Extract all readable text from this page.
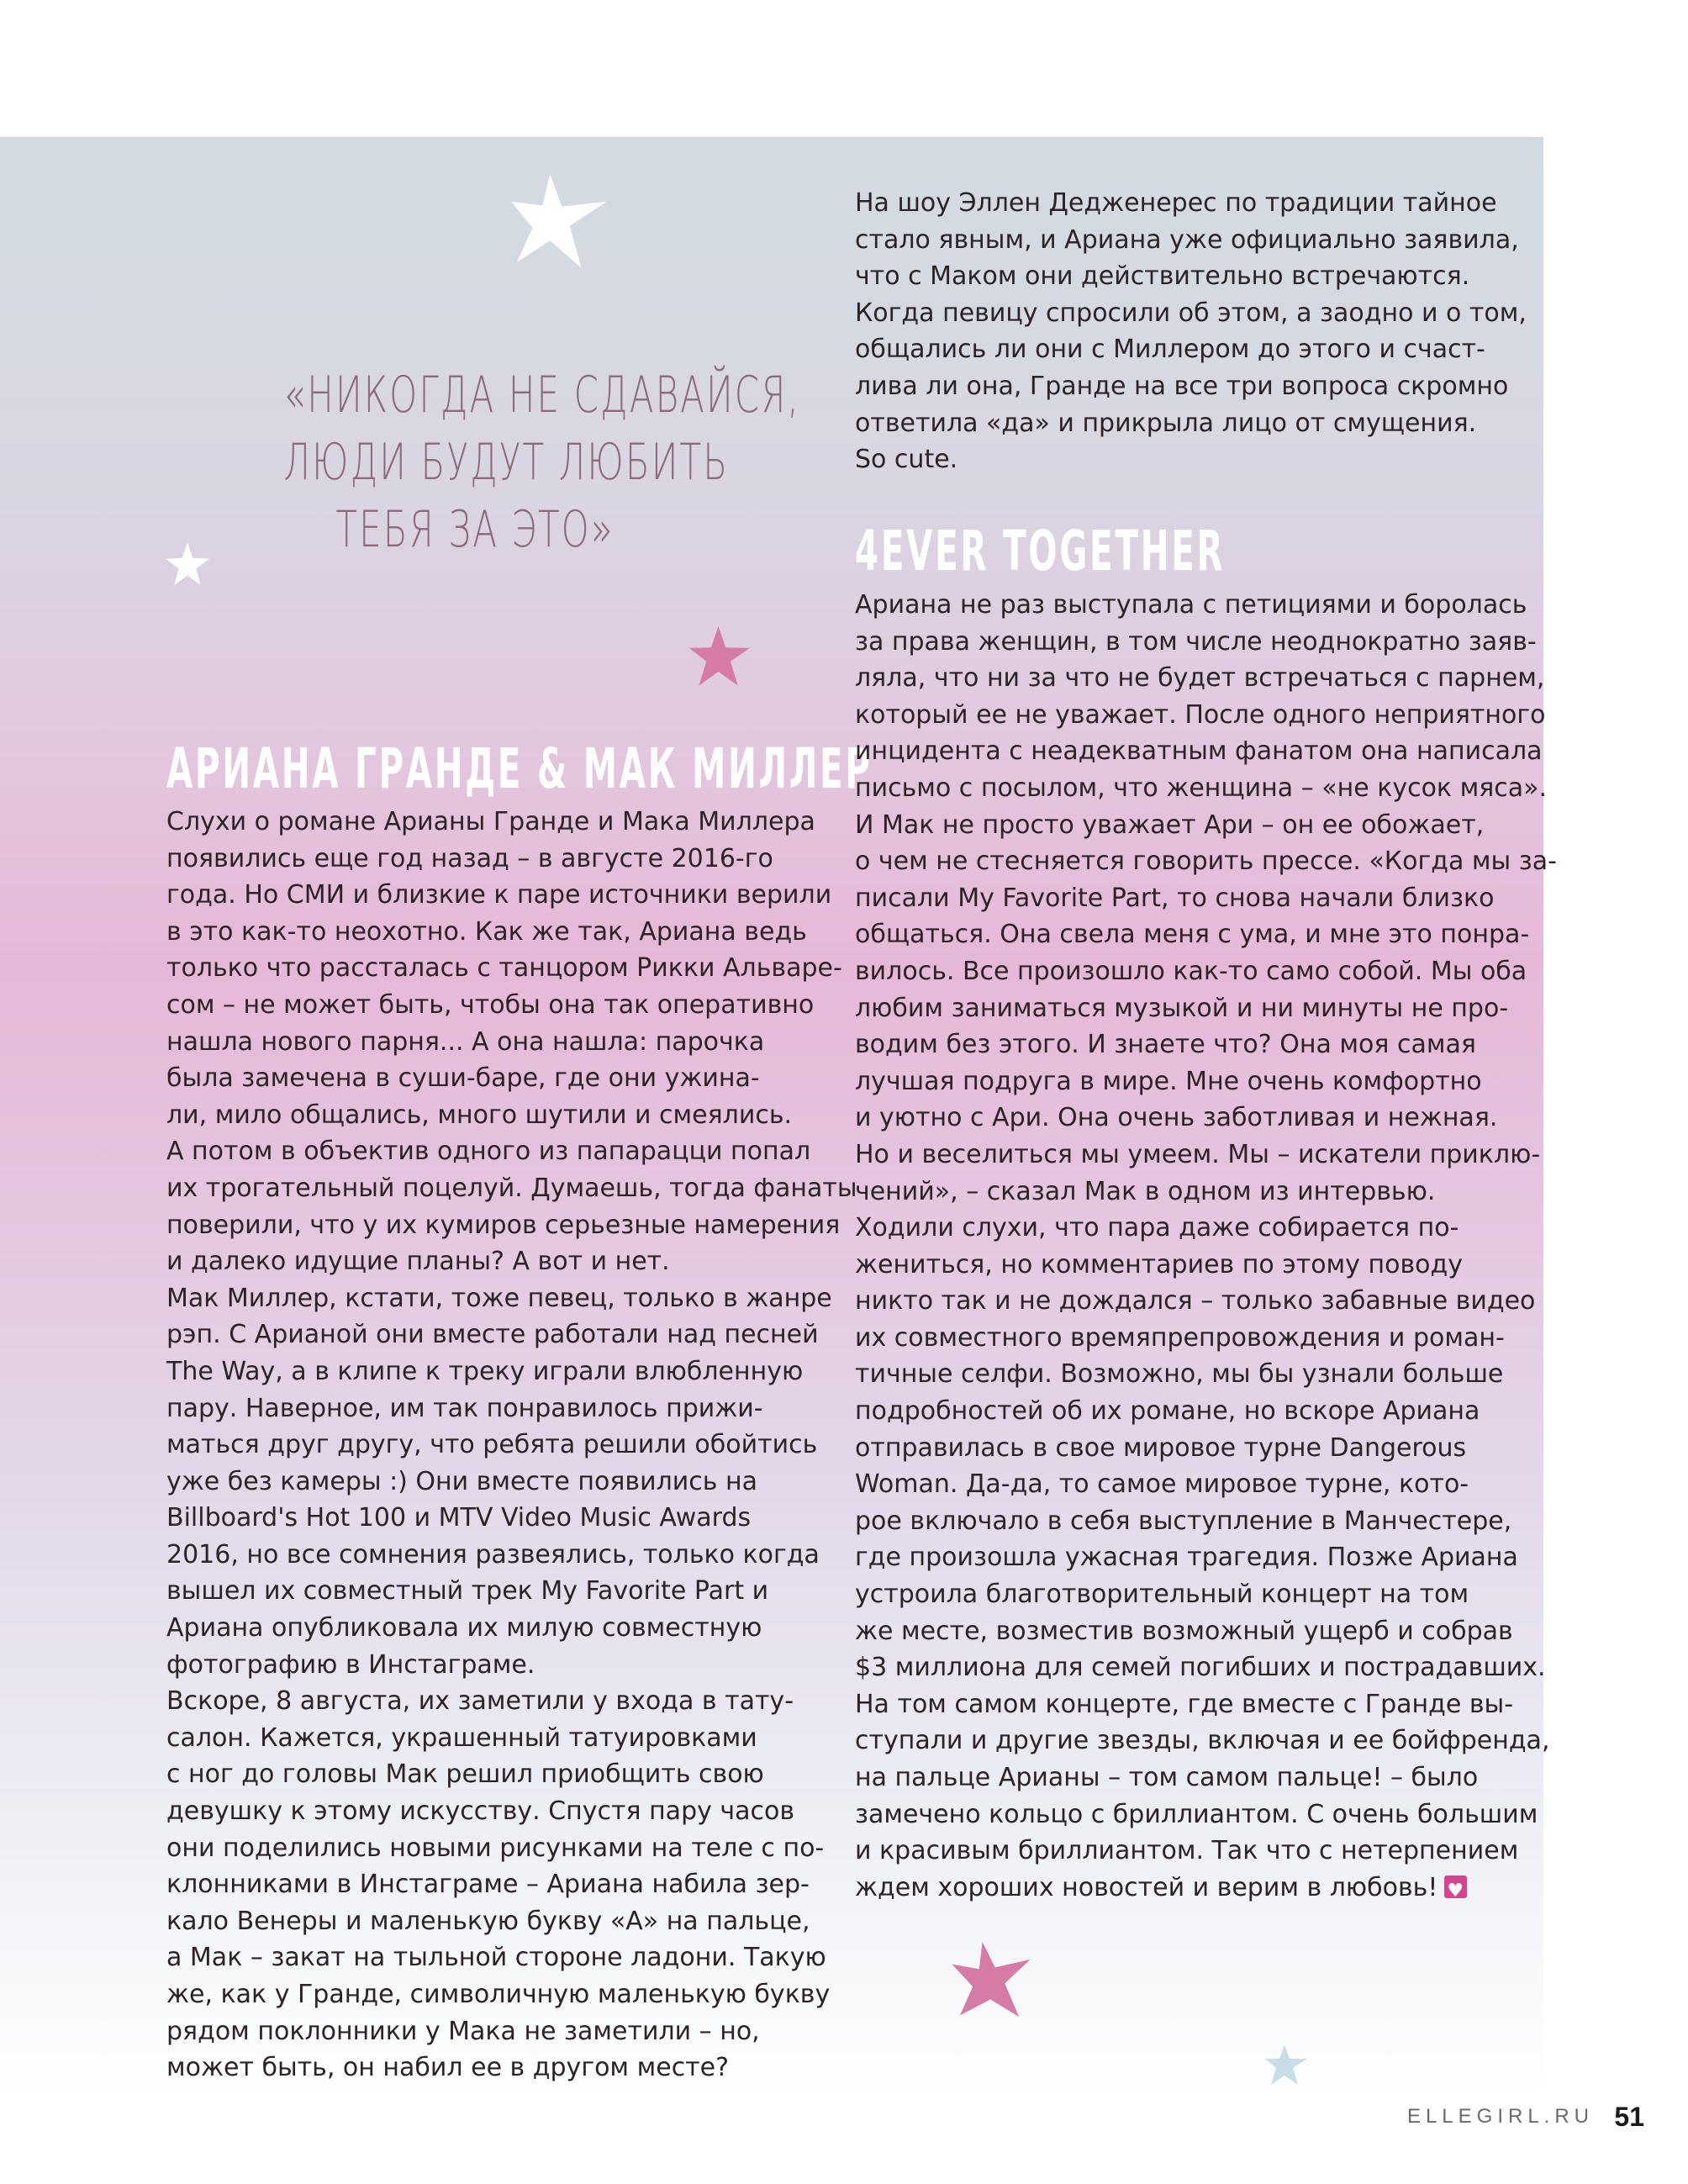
«НИКОГДА НЕ СДАВАЙСЯ,
ЛЮДИ БУДУТ ЛЮБИТЬ
ТЕБЯ ЗА ЭТО»
АРИАНА ГРАНДЕ & МАК МИЛЛЕР

Слухи о романе Арианы Гранде и Мака Миллера

появились еще год назад – в августе 2016-го

года. Но СМИ и близкие к паре источники верили

в это как-то неохотно. Как же так, Ариана ведь

только что рассталась с танцором Рикки Альваре-

сом – не может быть, чтобы она так оперативно

нашла нового парня... А она нашла: парочка

была замечена в суши-баре, где они ужина-

ли, мило общались, много шутили и смеялись.

А потом в объектив одного из папарацци попал

их трогательный поцелуй. Думаешь, тогда фанаты

поверили, что у их кумиров серьезные намерения

и далеко идущие планы? А вот и нет.

Мак Миллер, кстати, тоже певец, только в жанре

рэп. С Арианой они вместе работали над песней

The Way, а в клипе к треку играли влюбленную

пару. Наверное, им так понравилось прижи-

маться друг другу, что ребята решили обойтись

уже без камеры :) Они вместе появились на

Billboard's Hot 100 и MTV Video Music Awards

2016, но все сомнения развеялись, только когда

вышел их совместный трек My Favorite Part и

Ариана опубликовала их милую совместную

фотографию в Инстаграме.

Вскоре, 8 августа, их заметили у входа в тату-

салон. Кажется, украшенный татуировками

с ног до головы Мак решил приобщить свою

девушку к этому искусству. Спустя пару часов

они поделились новыми рисунками на теле с по-

клонниками в Инстаграме – Ариана набила зер-

кало Венеры и маленькую букву «А» на пальце,

а Мак – закат на тыльной стороне ладони. Такую

же, как у Гранде, символичную маленькую букву

рядом поклонники у Мака не заметили – но,

может быть, он набил ее в другом месте?

На шоу Эллен Дедженерес по традиции тайное

стало явным, и Ариана уже официально заявила,

что с Маком они действительно встречаются.

Когда певицу спросили об этом, а заодно и о том,

общались ли они с Миллером до этого и счаст-

лива ли она, Гранде на все три вопроса скромно

ответила «да» и прикрыла лицо от смущения.

So cute.

4EVER TOGETHER

Ариана не раз выступала с петициями и боролась

за права женщин, в том числе неоднократно заяв-

ляла, что ни за что не будет встречаться с парнем,

который ее не уважает. После одного неприятного

инцидента с неадекватным фанатом она написала

письмо с посылом, что женщина – «не кусок мяса».

И Мак не просто уважает Ари – он ее обожает,

о чем не стесняется говорить прессе. «Когда мы за-

писали My Favorite Part, то снова начали близко

общаться. Она свела меня с ума, и мне это понра-

вилось. Все произошло как-то само собой. Мы оба

любим заниматься музыкой и ни минуты не про-

водим без этого. И знаете что? Она моя самая

лучшая подруга в мире. Мне очень комфортно

и уютно с Ари. Она очень заботливая и нежная.

Но и веселиться мы умеем. Мы – искатели приклю-

чений», – сказал Мак в одном из интервью.

Ходили слухи, что пара даже собирается по-

жениться, но комментариев по этому поводу

никто так и не дождался – только забавные видео

их совместного времяпрепровождения и роман-

тичные селфи. Возможно, мы бы узнали больше

подробностей об их романе, но вскоре Ариана

отправилась в свое мировое турне Dangerous

Woman. Да-да, то самое мировое турне, кото-

рое включало в себя выступление в Манчестере,

где произошла ужасная трагедия. Позже Ариана

устроила благотворительный концерт на том

же месте, возместив возможный ущерб и собрав

$3 миллиона для семей погибших и пострадавших.

На том самом концерте, где вместе с Гранде вы-

ступали и другие звезды, включая и ее бойфренда,

на пальце Арианы – том самом пальце! – было

замечено кольцо с бриллиантом. С очень большим

и красивым бриллиантом. Так что с нетерпением

ждем хороших новостей и верим в любовь!♥

ELLEGIRL.RU 51
